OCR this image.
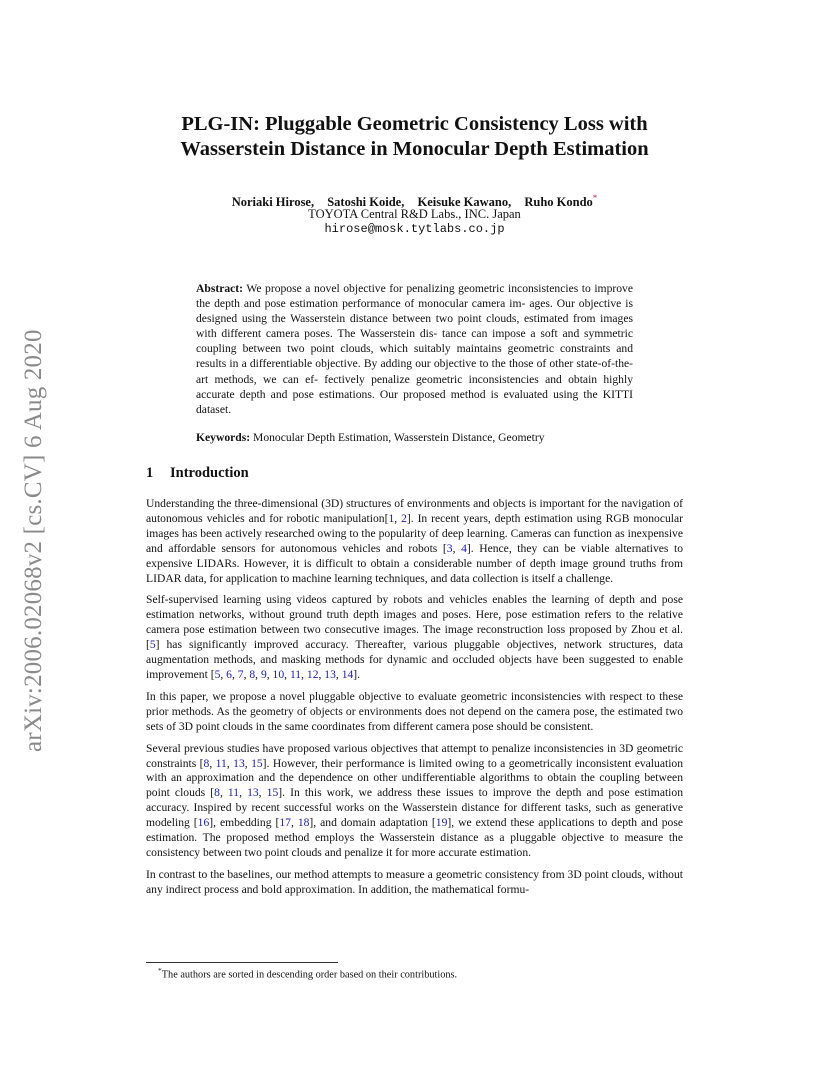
arXiv:2006.02068v2 [cs.CV] 6 Aug 2020
PLG-IN: Pluggable Geometric Consistency Loss with
Wasserstein Distance in Monocular Depth Estimation
Noriaki Hirose, Satoshi Koide, Keisuke Kawano, Ruho Kondo*
TOYOTA Central R&D Labs., INC. Japan
hirose@mosk.tytlabs.co.jp
Abstract: We propose a novel objective for penalizing geometric inconsistencies to improve the depth and pose estimation performance of monocular camera im- ages. Our objective is designed using the Wasserstein distance between two point clouds, estimated from images with different camera poses. The Wasserstein dis- tance can impose a soft and symmetric coupling between two point clouds, which suitably maintains geometric constraints and results in a differentiable objective. By adding our objective to the those of other state-of-the-art methods, we can ef- fectively penalize geometric inconsistencies and obtain highly accurate depth and pose estimations. Our proposed method is evaluated using the KITTI dataset.
Keywords: Monocular Depth Estimation, Wasserstein Distance, Geometry
1 Introduction

Understanding the three-dimensional (3D) structures of environments and objects is important for the navigation of autonomous vehicles and for robotic manipulation[1, 2]. In recent years, depth estimation using RGB monocular images has been actively researched owing to the popularity of deep learning. Cameras can function as inexpensive and affordable sensors for autonomous vehicles and robots [3, 4]. Hence, they can be viable alternatives to expensive LIDARs. However, it is difficult to obtain a considerable number of depth image ground truths from LIDAR data, for application to machine learning techniques, and data collection is itself a challenge.

Self-supervised learning using videos captured by robots and vehicles enables the learning of depth and pose estimation networks, without ground truth depth images and poses. Here, pose estimation refers to the relative camera pose estimation between two consecutive images. The image reconstruction loss proposed by Zhou et al. [5] has significantly improved accuracy. Thereafter, various pluggable objectives, network structures, data augmentation methods, and masking methods for dynamic and occluded objects have been suggested to enable improvement [5, 6, 7, 8, 9, 10, 11, 12, 13, 14].

In this paper, we propose a novel pluggable objective to evaluate geometric inconsistencies with respect to these prior methods. As the geometry of objects or environments does not depend on the camera pose, the estimated two sets of 3D point clouds in the same coordinates from different camera pose should be consistent.

Several previous studies have proposed various objectives that attempt to penalize inconsistencies in 3D geometric constraints [8, 11, 13, 15]. However, their performance is limited owing to a geometrically inconsistent evaluation with an approximation and the dependence on other undifferentiable algorithms to obtain the coupling between point clouds [8, 11, 13, 15]. In this work, we address these issues to improve the depth and pose estimation accuracy. Inspired by recent successful works on the Wasserstein distance for different tasks, such as generative modeling [16], embedding [17, 18], and domain adaptation [19], we extend these applications to depth and pose estimation. The proposed method employs the Wasserstein distance as a pluggable objective to measure the consistency between two point clouds and penalize it for more accurate estimation.

In contrast to the baselines, our method attempts to measure a geometric consistency from 3D point clouds, without any indirect process and bold approximation. In addition, the mathematical formu-

*The authors are sorted in descending order based on their contributions.
